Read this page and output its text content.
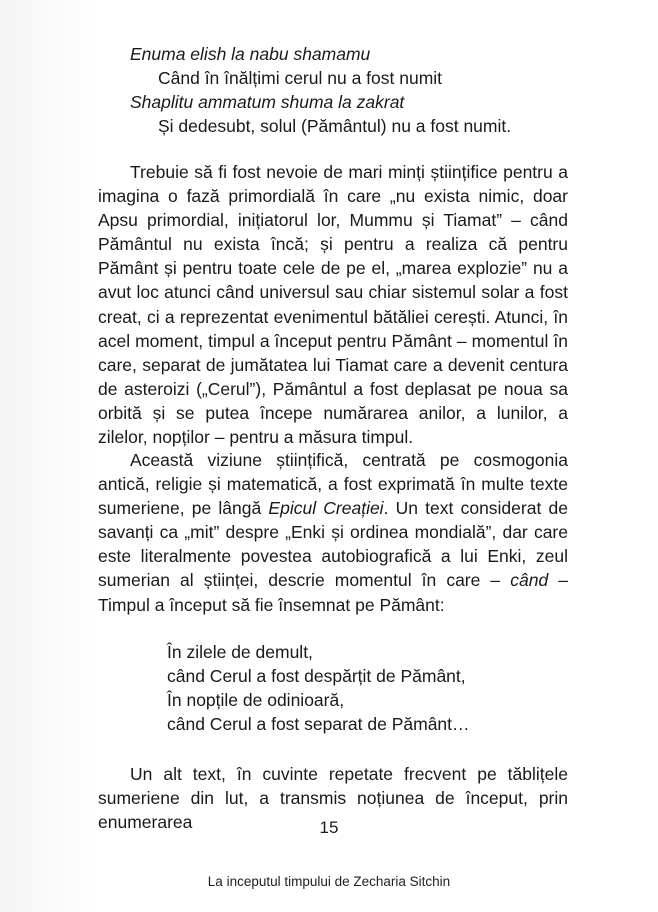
Enuma elish la nabu shamamu
Când în înălțimi cerul nu a fost numit
Shaplitu ammatum shuma la zakrat
Și dedesubt, solul (Pământul) nu a fost numit.
Trebuie să fi fost nevoie de mari minți științifice pentru a imagina o fază primordială în care „nu exista nimic, doar Apsu primordial, inițiatorul lor, Mummu și Tiamat” – când Pământul nu exista încă; și pentru a realiza că pentru Pământ și pentru toate cele de pe el, „marea explozie” nu a avut loc atunci când universul sau chiar sistemul solar a fost creat, ci a reprezentat evenimentul bătăliei cerești. Atunci, în acel moment, timpul a început pentru Pământ – momentul în care, separat de jumătatea lui Tiamat care a devenit centura de asteroizi („Cerul”), Pământul a fost deplasat pe noua sa orbită și se putea începe numărarea anilor, a lunilor, a zilelor, nopților – pentru a măsura timpul.
Această viziune științifică, centrată pe cosmogonia antică, religie și matematică, a fost exprimată în multe texte sumeriene, pe lângă Epicul Creației. Un text considerat de savanți ca „mit” despre „Enki și ordinea mondială”, dar care este literalmente povestea autobiografică a lui Enki, zeul sumerian al științei, descrie momentul în care – când – Timpul a început să fie însemnat pe Pământ:
În zilele de demult,
când Cerul a fost despărțit de Pământ,
În nopțile de odinioară,
când Cerul a fost separat de Pământ…
Un alt text, în cuvinte repetate frecvent pe tăblițele sumeriene din lut, a transmis noțiunea de început, prin enumerarea	15
La inceputul timpului de Zecharia Sitchin
